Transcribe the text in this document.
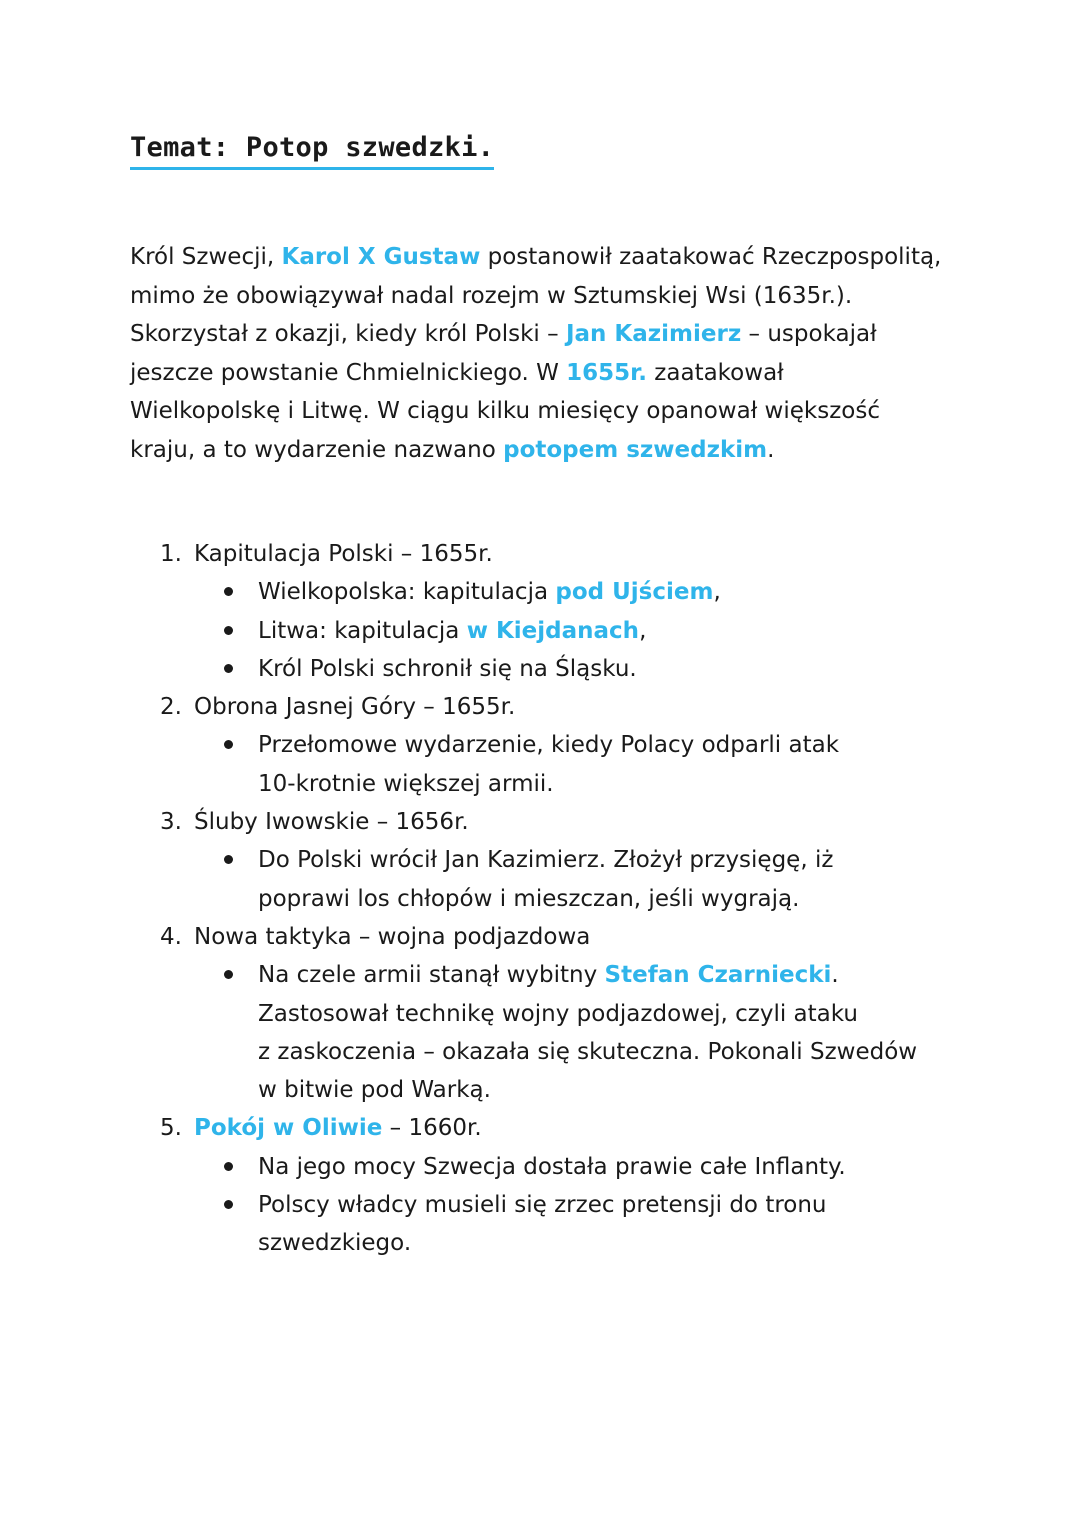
Temat: Potop szwedzki.
Król Szwecji, Karol X Gustaw postanowił zaatakować Rzeczpospolitą,
mimo że obowiązywał nadal rozejm w Sztumskiej Wsi (1635r.).
Skorzystał z okazji, kiedy król Polski – Jan Kazimierz – uspokajał
jeszcze powstanie Chmielnickiego. W 1655r. zaatakował
Wielkopolskę i Litwę. W ciągu kilku miesięcy opanował większość
kraju, a to wydarzenie nazwano potopem szwedzkim.
1. Kapitulacja Polski – 1655r.
Wielkopolska: kapitulacja pod Ujściem,
Litwa: kapitulacja w Kiejdanach,
Król Polski schronił się na Śląsku.
2. Obrona Jasnej Góry – 1655r.
Przełomowe wydarzenie, kiedy Polacy odparli atak
10-krotnie większej armii.
3. Śluby Iwowskie – 1656r.
Do Polski wrócił Jan Kazimierz. Złożył przysięgę, iż
poprawi los chłopów i mieszczan, jeśli wygrają.
4. Nowa taktyka – wojna podjazdowa
Na czele armii stanął wybitny Stefan Czarniecki.
Zastosował technikę wojny podjazdowej, czyli ataku
z zaskoczenia – okazała się skuteczna. Pokonali Szwedów
w bitwie pod Warką.
5. Pokój w Oliwie – 1660r.
Na jego mocy Szwecja dostała prawie całe Inflanty.
Polscy władcy musieli się zrzec pretensji do tronu
szwedzkiego.
